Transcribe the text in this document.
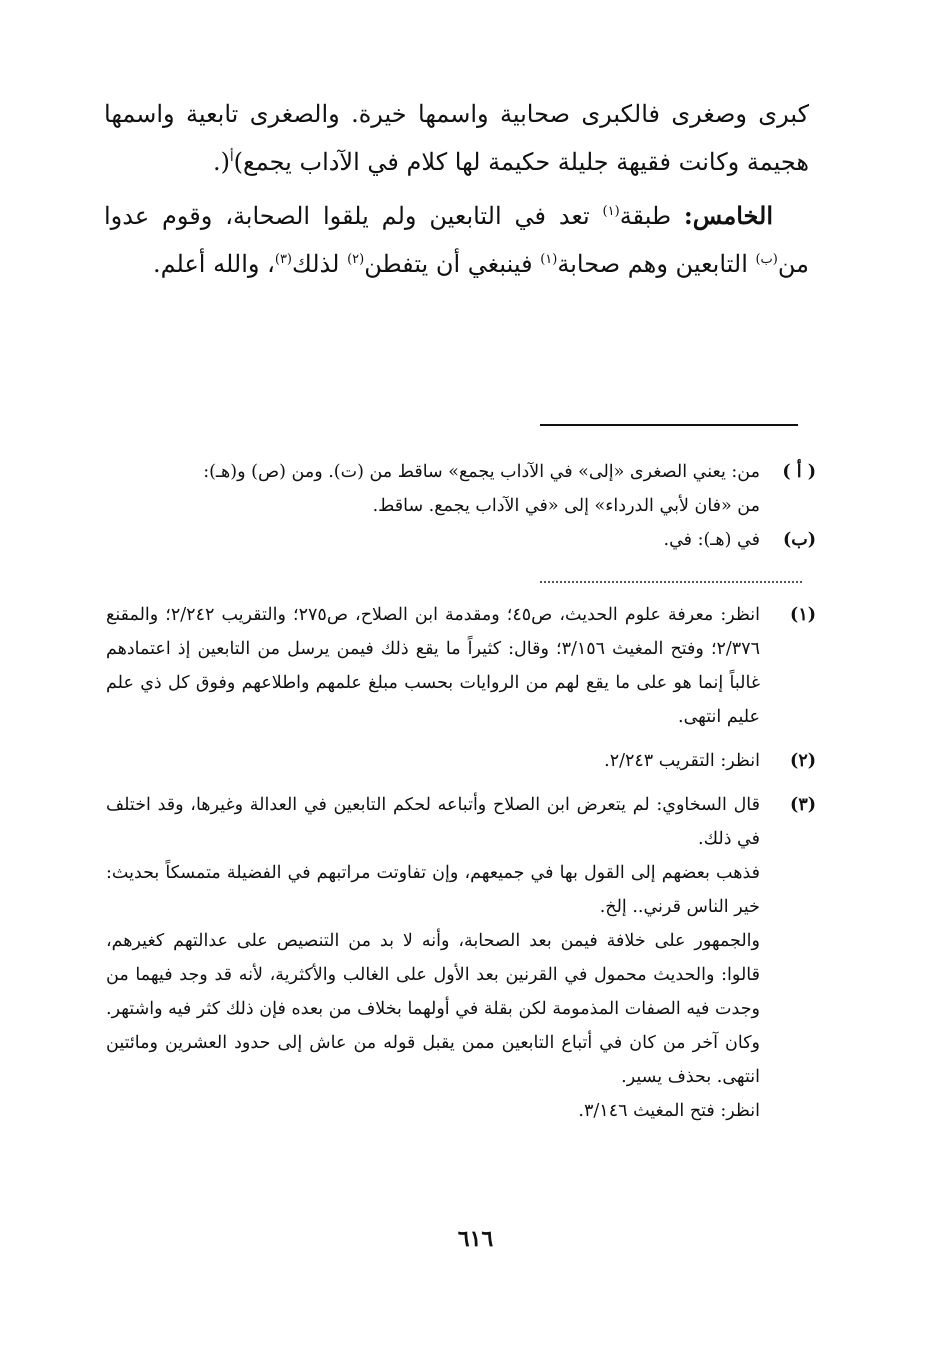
كبرى وصغرى فالكبرى صحابية واسمها خيرة. والصغرى تابعية واسمها هجيمة وكانت فقيهة جليلة حكيمة لها كلام في الآداب يجمع)$^أ$(.

الخامس: طبقة$^{(١)}$ تعد في التابعين ولم يلقوا الصحابة، وقوم عدوا من$^{(ب)}$ التابعين وهم صحابة$^{(١)}$ فينبغي أن يتفطن$^{(٢)}$ لذلك$^{(٣)}$، والله أعلم.

( أ )

من: يعني الصغرى «إلى» في الآداب يجمع» ساقط من (ت). ومن (ص) و(هـ):

من «فان لأبي الدرداء» إلى «في الآداب يجمع. ساقط.

(ب)

في (هـ): في.

(١)

انظر: معرفة علوم الحديث، ص٤٥؛ ومقدمة ابن الصلاح، ص٢٧٥؛ والتقريب ٢/٢٤٢؛ والمقنع ٢/٣٧٦؛ وفتح المغيث ٣/١٥٦؛ وقال: كثيراً ما يقع ذلك فيمن يرسل من التابعين إذ اعتمادهم غالباً إنما هو على ما يقع لهم من الروايات بحسب مبلغ علمهم واطلاعهم وفوق كل ذي علم عليم انتهى.

(٢)

انظر: التقريب ٢/٢٤٣.

(٣)

قال السخاوي: لم يتعرض ابن الصلاح وأتباعه لحكم التابعين في العدالة وغيرها، وقد اختلف في ذلك.

فذهب بعضهم إلى القول بها في جميعهم، وإن تفاوتت مراتبهم في الفضيلة متمسكاً بحديث: خير الناس قرني.. إلخ.

والجمهور على خلافة فيمن بعد الصحابة، وأنه لا بد من التنصيص على عدالتهم كغيرهم، قالوا: والحديث محمول في القرنين بعد الأول على الغالب والأكثرية، لأنه قد وجد فيهما من وجدت فيه الصفات المذمومة لكن بقلة في أولهما بخلاف من بعده فإن ذلك كثر فيه واشتهر. وكان آخر من كان في أتباع التابعين ممن يقبل قوله من عاش إلى حدود العشرين ومائتين انتهى. بحذف يسير.

انظر: فتح المغيث ٣/١٤٦.

٦١٦
